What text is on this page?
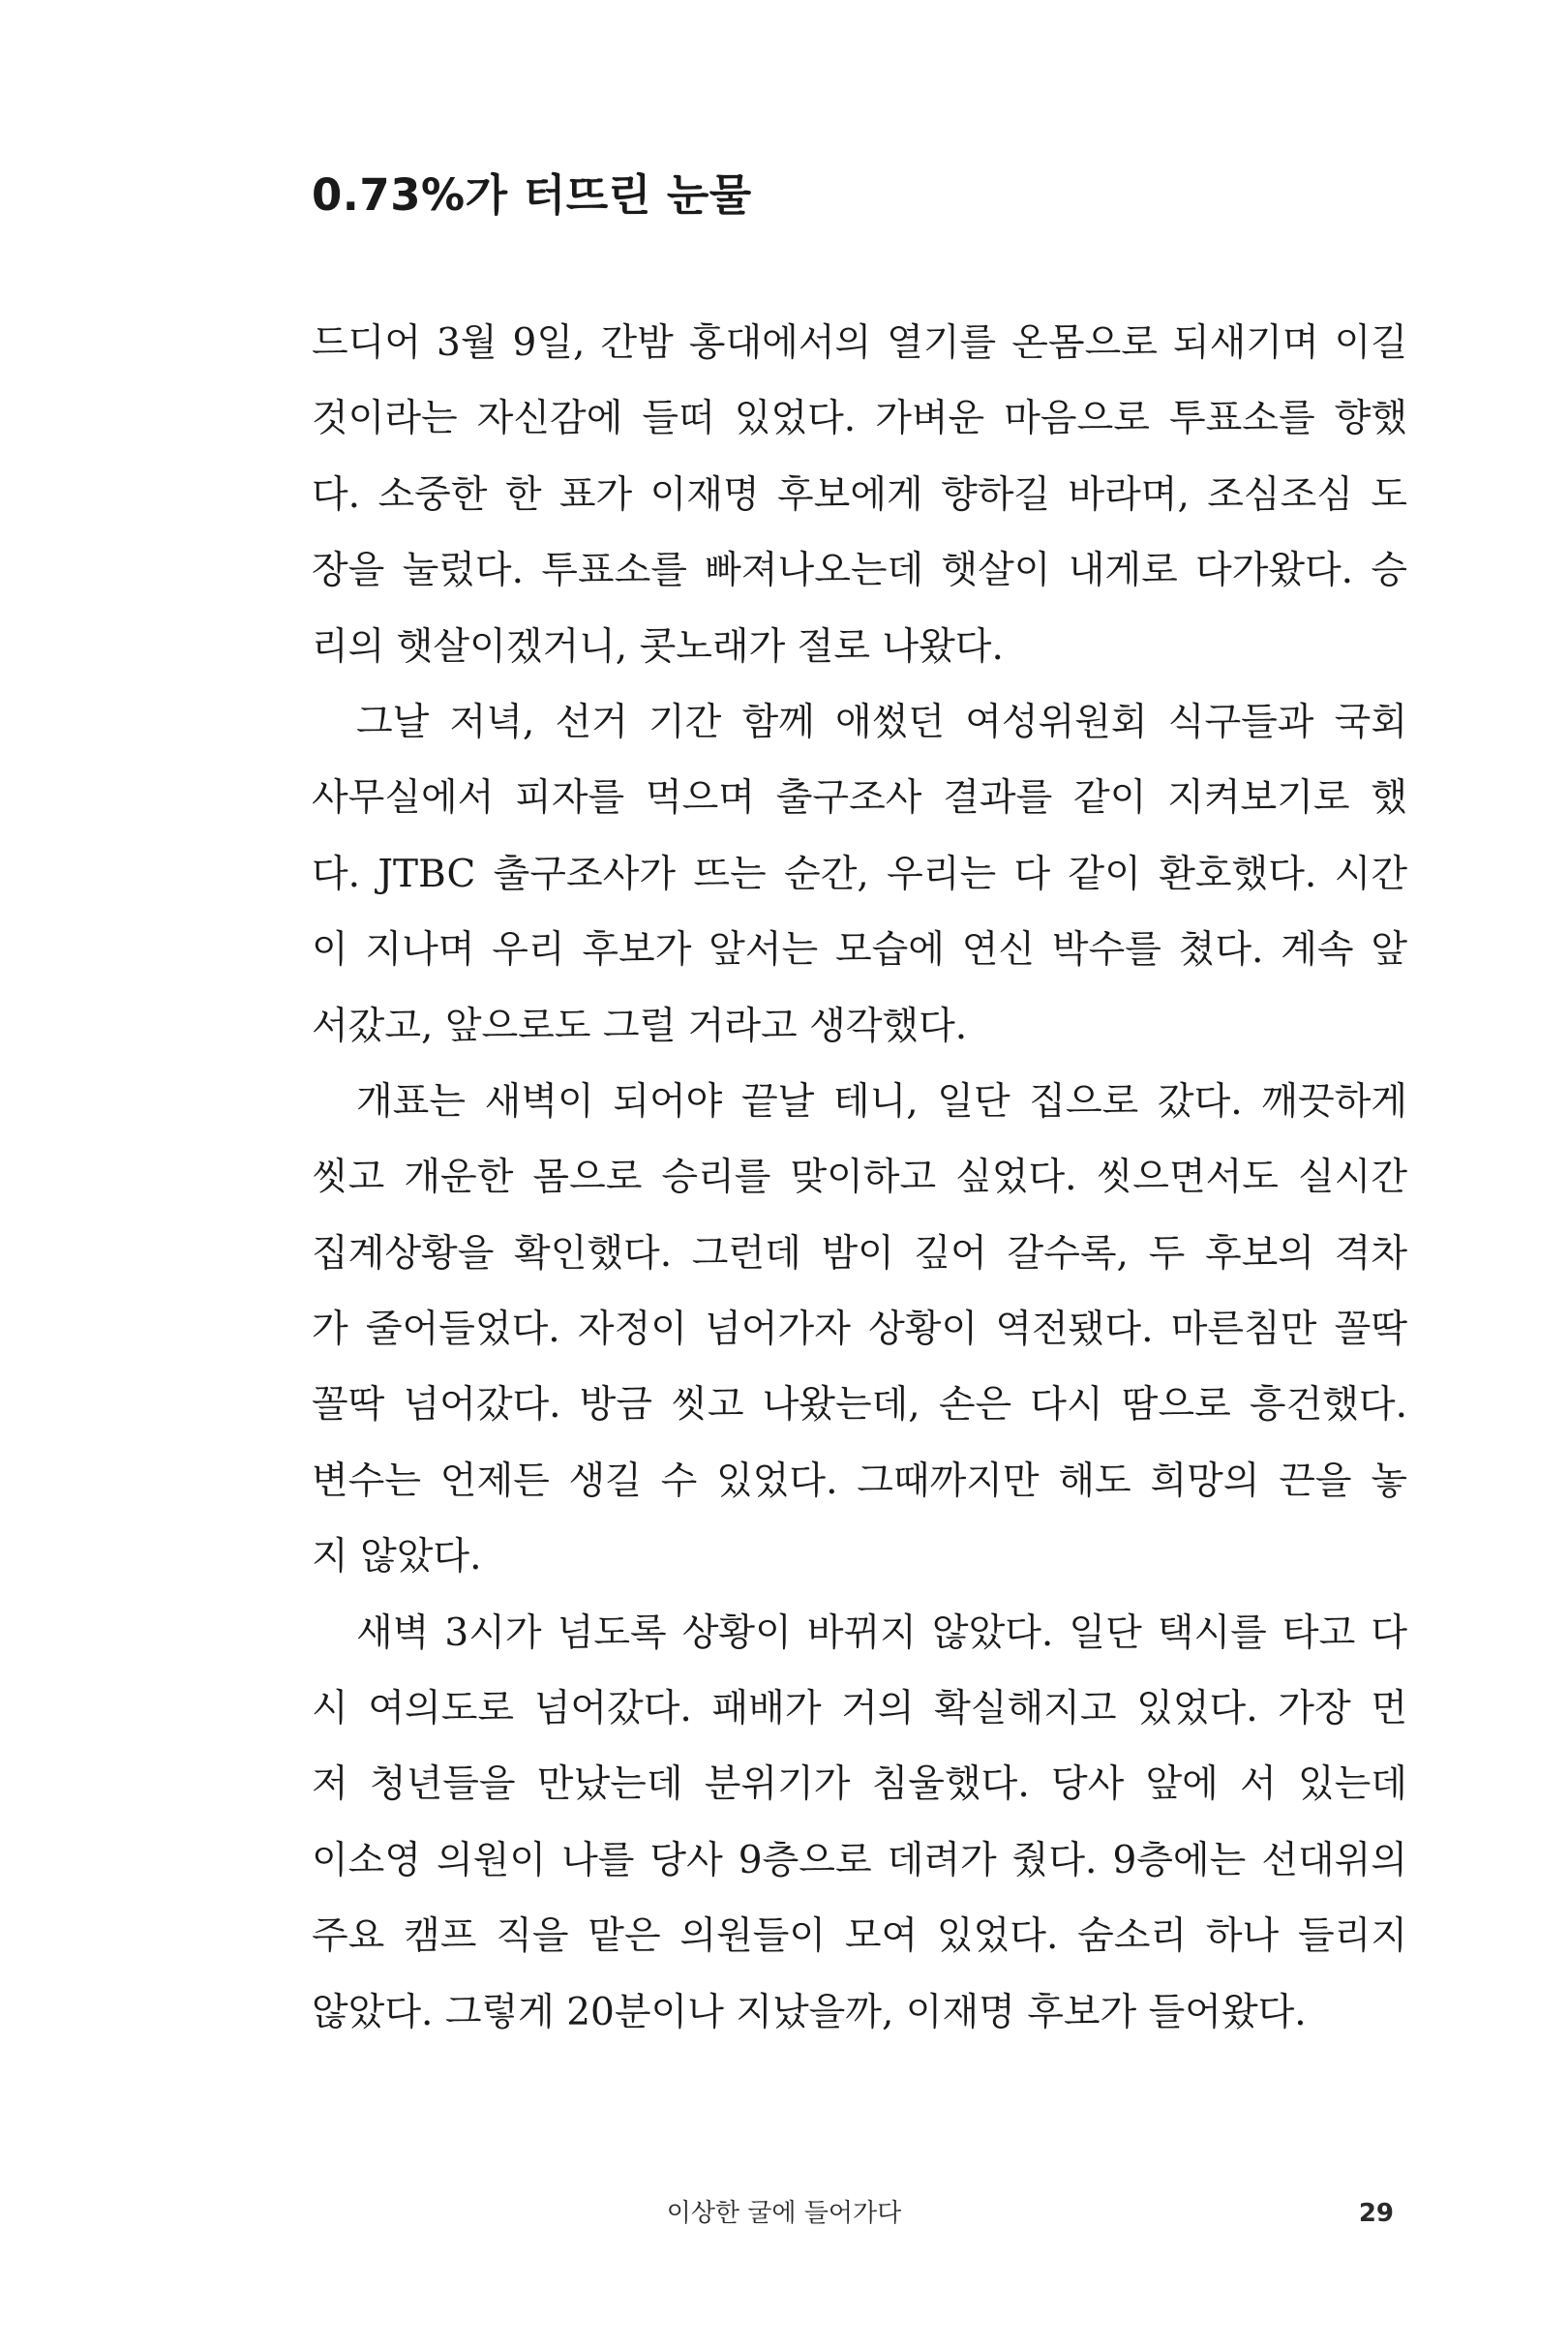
0.73%가 터뜨린 눈물
드디어 3월 9일, 간밤 홍대에서의 열기를 온몸으로 되새기며 이길
것이라는 자신감에 들떠 있었다. 가벼운 마음으로 투표소를 향했
다. 소중한 한 표가 이재명 후보에게 향하길 바라며, 조심조심 도
장을 눌렀다. 투표소를 빠져나오는데 햇살이 내게로 다가왔다. 승
리의 햇살이겠거니, 콧노래가 절로 나왔다.
그날 저녁, 선거 기간 함께 애썼던 여성위원회 식구들과 국회
사무실에서 피자를 먹으며 출구조사 결과를 같이 지켜보기로 했
다. JTBC 출구조사가 뜨는 순간, 우리는 다 같이 환호했다. 시간
이 지나며 우리 후보가 앞서는 모습에 연신 박수를 쳤다. 계속 앞
서갔고, 앞으로도 그럴 거라고 생각했다.
개표는 새벽이 되어야 끝날 테니, 일단 집으로 갔다. 깨끗하게
씻고 개운한 몸으로 승리를 맞이하고 싶었다. 씻으면서도 실시간
집계상황을 확인했다. 그런데 밤이 깊어 갈수록, 두 후보의 격차
가 줄어들었다. 자정이 넘어가자 상황이 역전됐다. 마른침만 꼴딱
꼴딱 넘어갔다. 방금 씻고 나왔는데, 손은 다시 땀으로 흥건했다.
변수는 언제든 생길 수 있었다. 그때까지만 해도 희망의 끈을 놓
지 않았다.
새벽 3시가 넘도록 상황이 바뀌지 않았다. 일단 택시를 타고 다
시 여의도로 넘어갔다. 패배가 거의 확실해지고 있었다. 가장 먼
저 청년들을 만났는데 분위기가 침울했다. 당사 앞에 서 있는데
이소영 의원이 나를 당사 9층으로 데려가 줬다. 9층에는 선대위의
주요 캠프 직을 맡은 의원들이 모여 있었다. 숨소리 하나 들리지
않았다. 그렇게 20분이나 지났을까, 이재명 후보가 들어왔다.
이상한 굴에 들어가다	29
